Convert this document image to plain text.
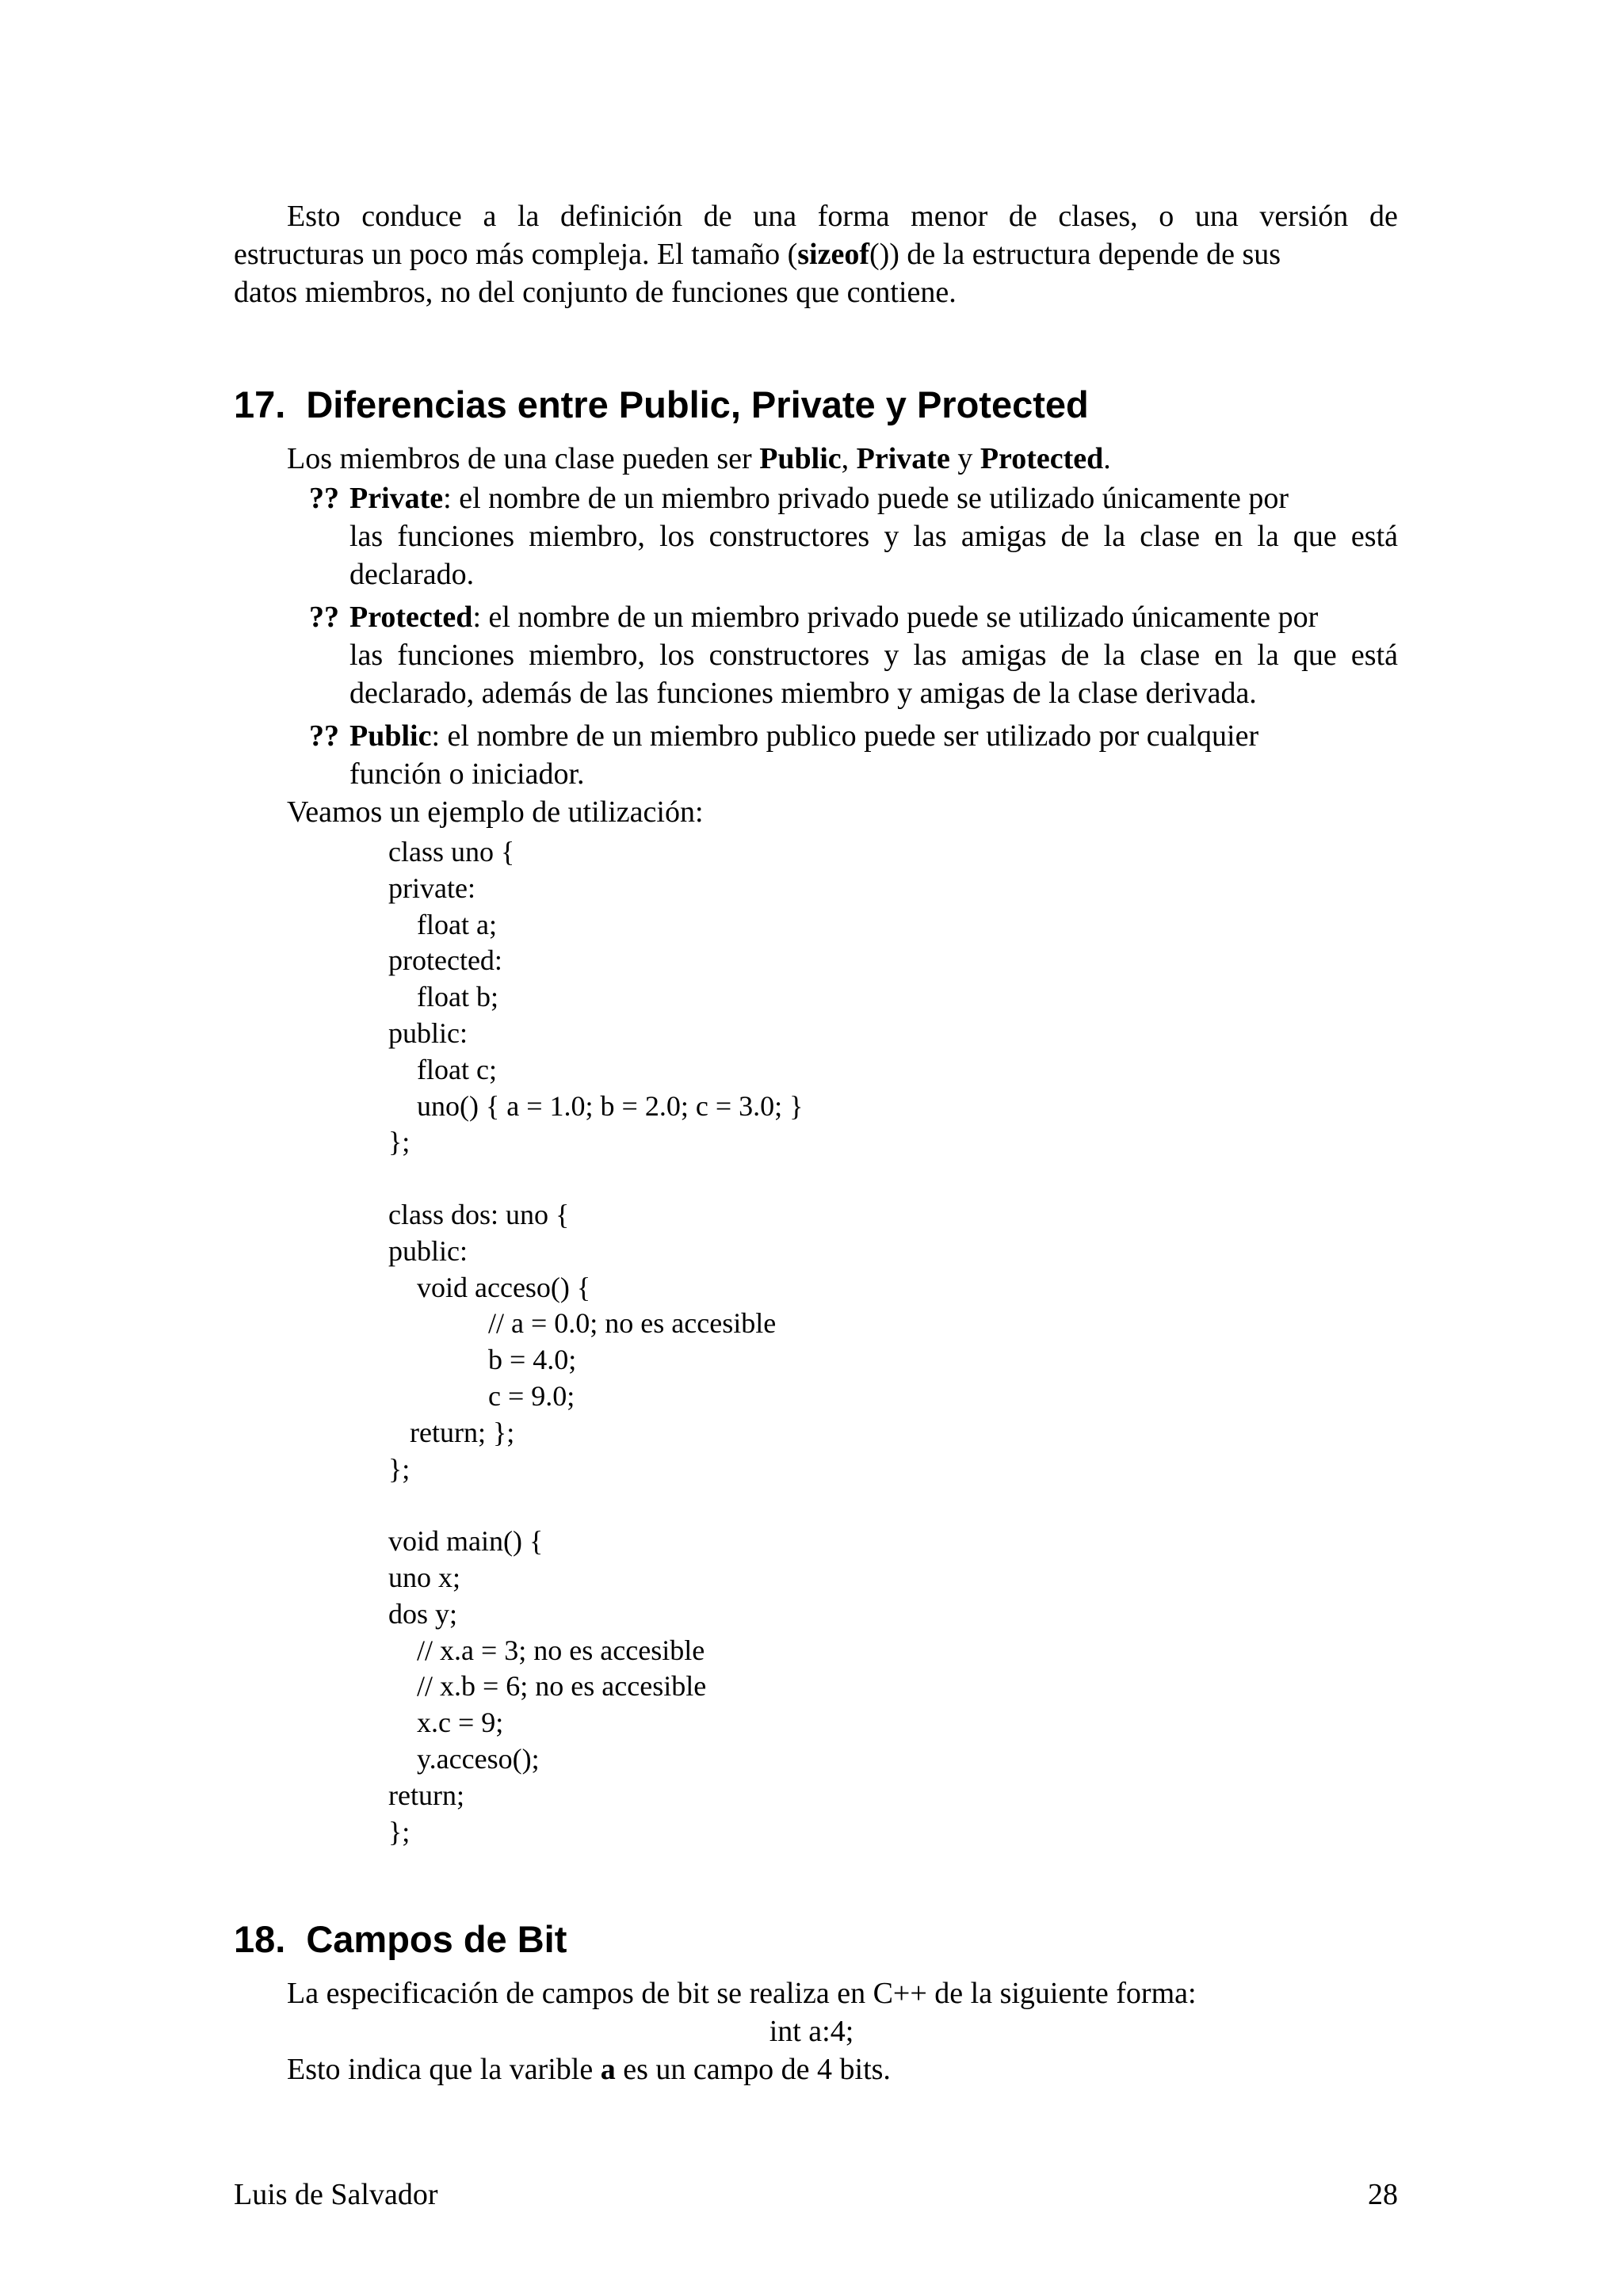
Esto conduce a la definición de una forma menor de clases, o una versión de
estructuras un poco más compleja. El tamaño (sizeof()) de la estructura depende de sus
datos miembros, no del conjunto de funciones que contiene.
17. Diferencias entre Public, Private y Protected
Los miembros de una clase pueden ser Public, Private y Protected.
?? Private: el nombre de un miembro privado puede se utilizado únicamente por
las funciones miembro, los constructores y las amigas de la clase en la que está
declarado.
?? Protected: el nombre de un miembro privado puede se utilizado únicamente por
las funciones miembro, los constructores y las amigas de la clase en la que está
declarado, además de las funciones miembro y amigas de la clase derivada.
?? Public: el nombre de un miembro publico puede ser utilizado por cualquier
función o iniciador.
Veamos un ejemplo de utilización:
class uno {
private:
float a;
protected:
float b;
public:
float c;
uno() { a = 1.0; b = 2.0; c = 3.0; }
};
class dos: uno {
public:
void acceso() {
// a = 0.0; no es accesible
b = 4.0;
c = 9.0;
return; };
};
void main() {
uno x;
dos y;
// x.a = 3; no es accesible
// x.b = 6; no es accesible
x.c = 9;
y.acceso();
return;
};
18. Campos de Bit
La especificación de campos de bit se realiza en C++ de la siguiente forma:
int a:4;
Esto indica que la varible a es un campo de 4 bits.
Luis de Salvador	28
